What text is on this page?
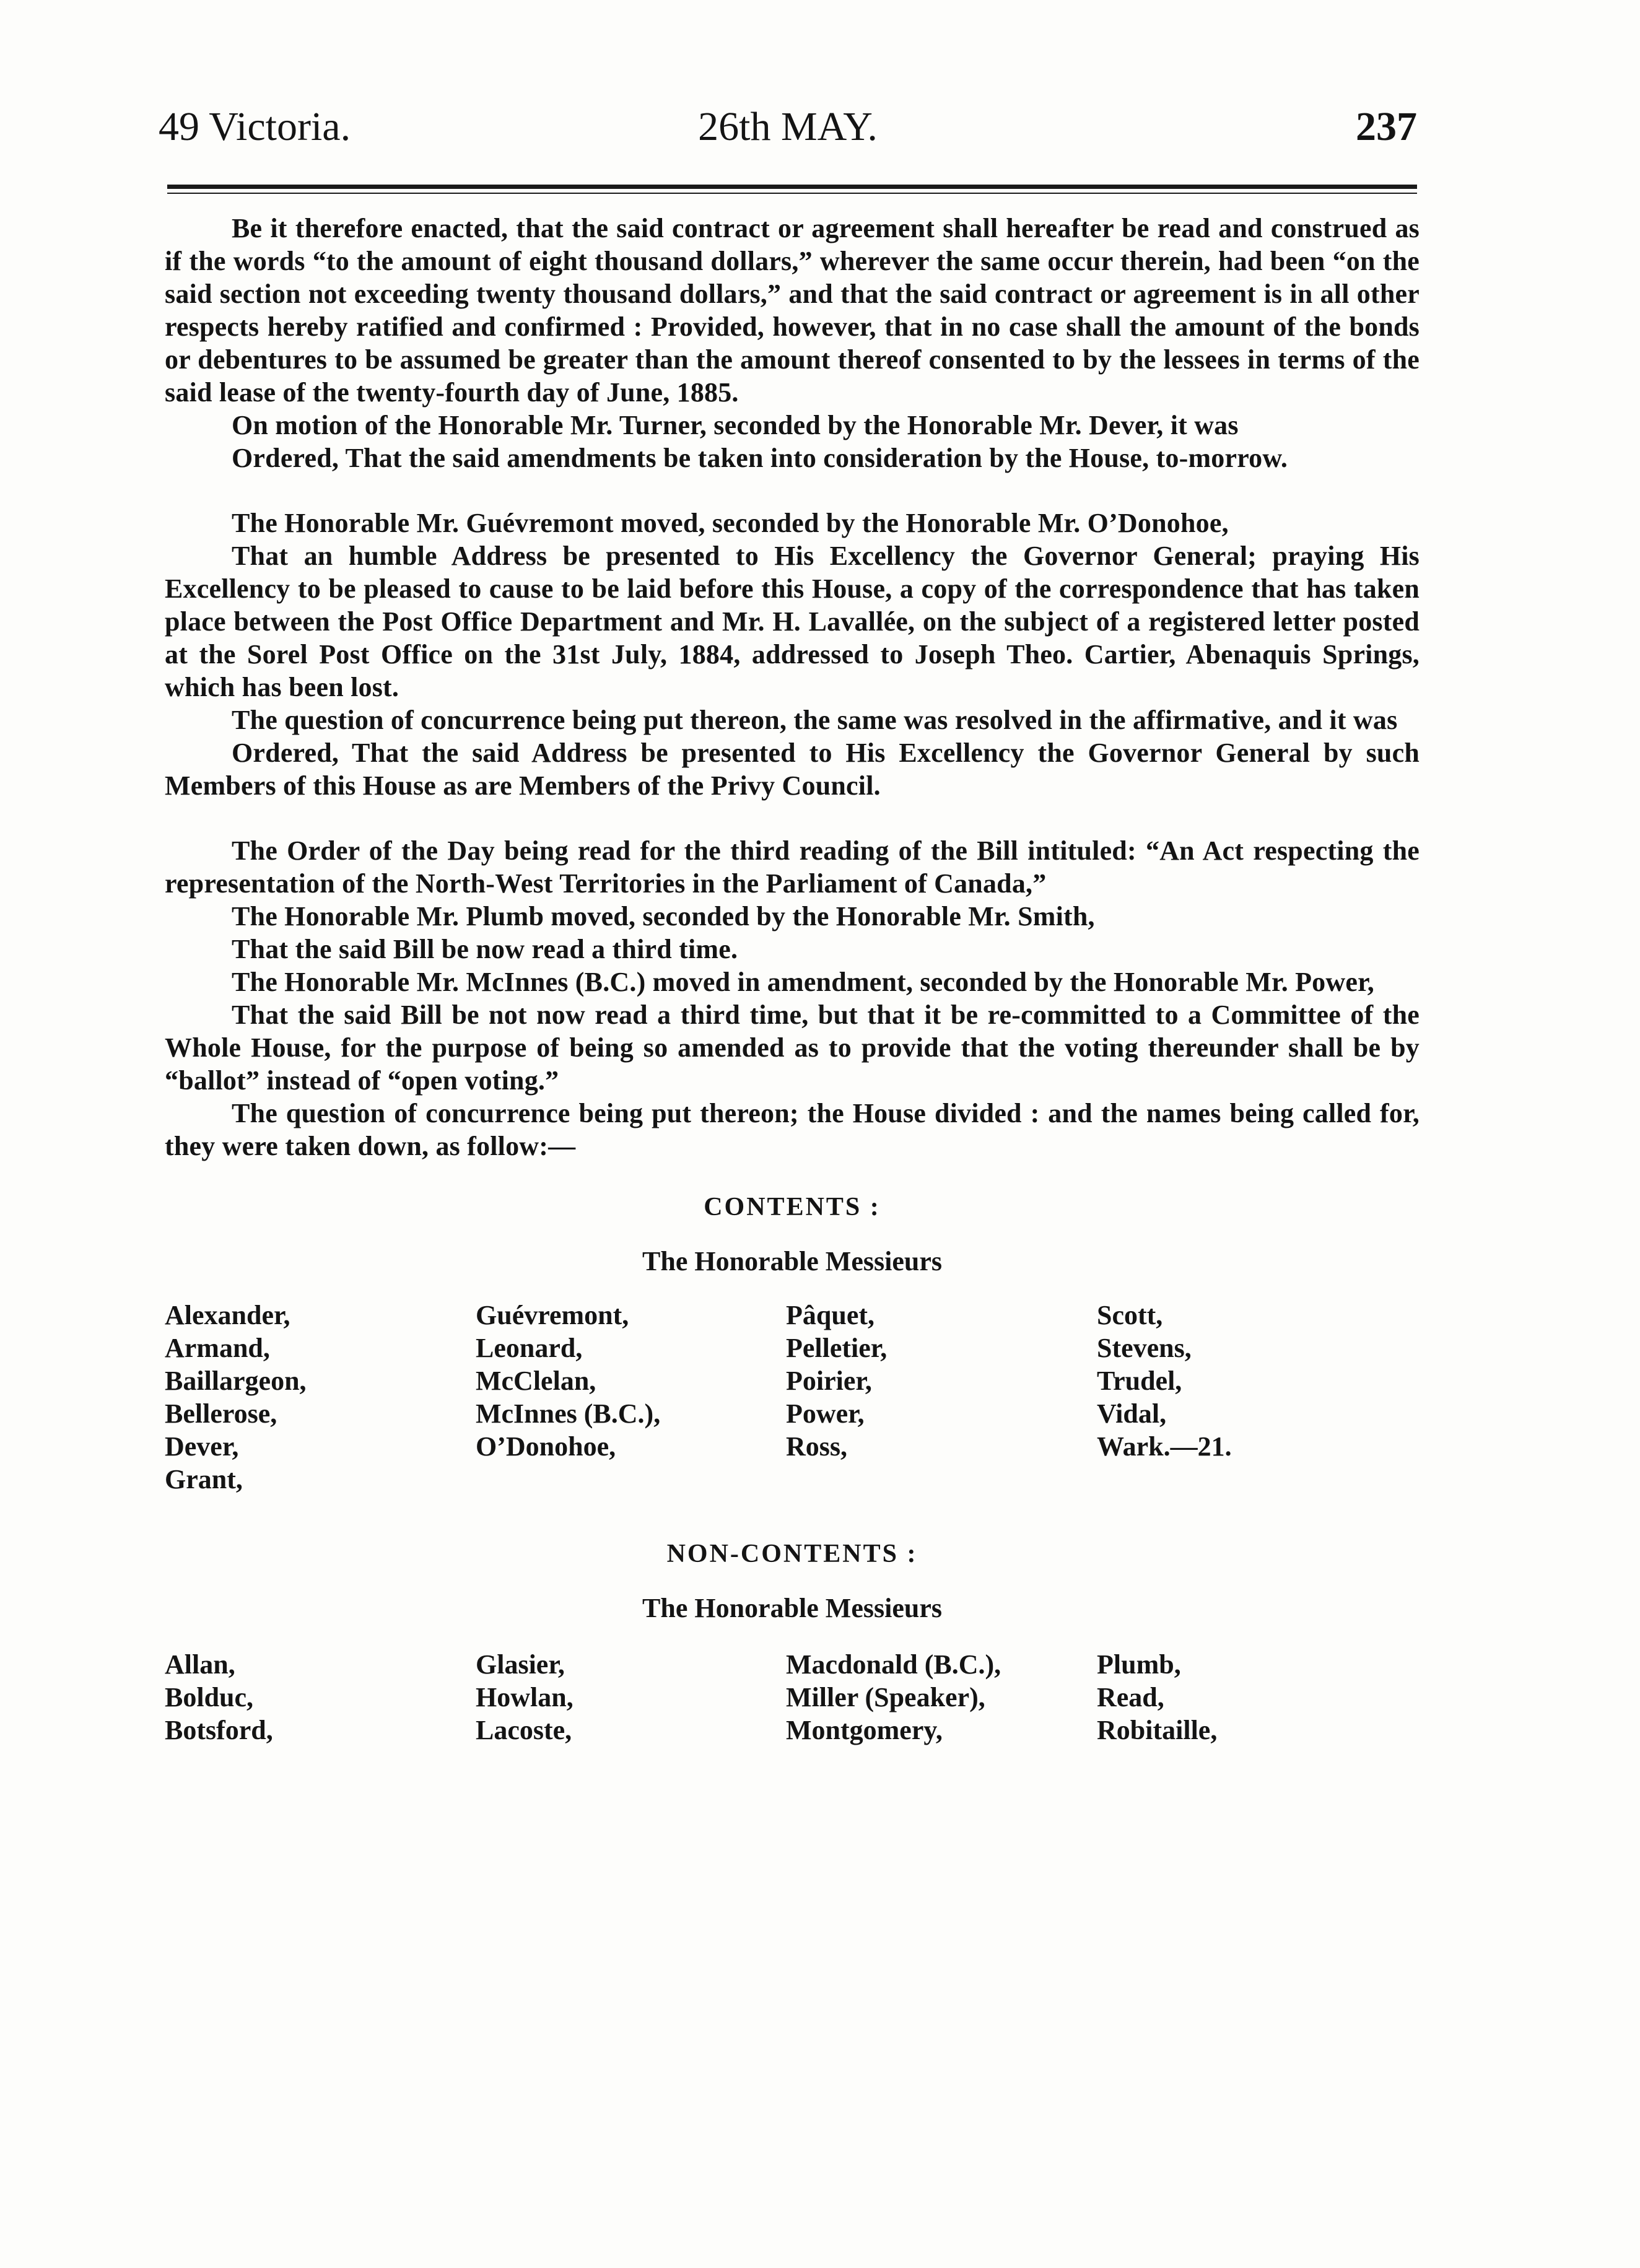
49 Victoria.	26th MAY.	237

Be it therefore enacted, that the said contract or agreement shall hereafter be read and construed as if the words “to the amount of eight thousand dollars,” wherever the same occur therein, had been “on the said section not exceeding twenty thousand dollars,” and that the said contract or agreement is in all other respects hereby ratified and confirmed : Provided, however, that in no case shall the amount of the bonds or debentures to be assumed be greater than the amount thereof consented to by the lessees in terms of the said lease of the twenty-fourth day of June, 1885.

On motion of the Honorable Mr. Turner, seconded by the Honorable Mr. Dever, it was

Ordered, That the said amendments be taken into consideration by the House, to-morrow.

The Honorable Mr. Guévremont moved, seconded by the Honorable Mr. O’Donohoe,

That an humble Address be presented to His Excellency the Governor General; praying His Excellency to be pleased to cause to be laid before this House, a copy of the correspondence that has taken place between the Post Office Department and Mr. H. Lavallée, on the subject of a registered letter posted at the Sorel Post Office on the 31st July, 1884, addressed to Joseph Theo. Cartier, Abenaquis Springs, which has been lost.

The question of concurrence being put thereon, the same was resolved in the affirmative, and it was

Ordered, That the said Address be presented to His Excellency the Governor General by such Members of this House as are Members of the Privy Council.

The Order of the Day being read for the third reading of the Bill intituled: “An Act respecting the representation of the North-West Territories in the Parliament of Canada,”

The Honorable Mr. Plumb moved, seconded by the Honorable Mr. Smith,

That the said Bill be now read a third time.

The Honorable Mr. McInnes (B.C.) moved in amendment, seconded by the Honorable Mr. Power,

That the said Bill be not now read a third time, but that it be re-committed to a Committee of the Whole House, for the purpose of being so amended as to provide that the voting thereunder shall be by “ballot” instead of “open voting.”

The question of concurrence being put thereon; the House divided : and the names being called for, they were taken down, as follow:—

CONTENTS :
The Honorable Messieurs
Alexander,
Armand,
Baillargeon,
Bellerose,
Dever,
Grant,
Guévremont,
Leonard,
McClelan,
McInnes (B.C.),
O’Donohoe,
Pâquet,
Pelletier,
Poirier,
Power,
Ross,
Scott,
Stevens,
Trudel,
Vidal,
Wark.—21.
NON-CONTENTS :
The Honorable Messieurs
Allan,
Bolduc,
Botsford,
Glasier,
Howlan,
Lacoste,
Macdonald (B.C.),
Miller (Speaker),
Montgomery,
Plumb,
Read,
Robitaille,
